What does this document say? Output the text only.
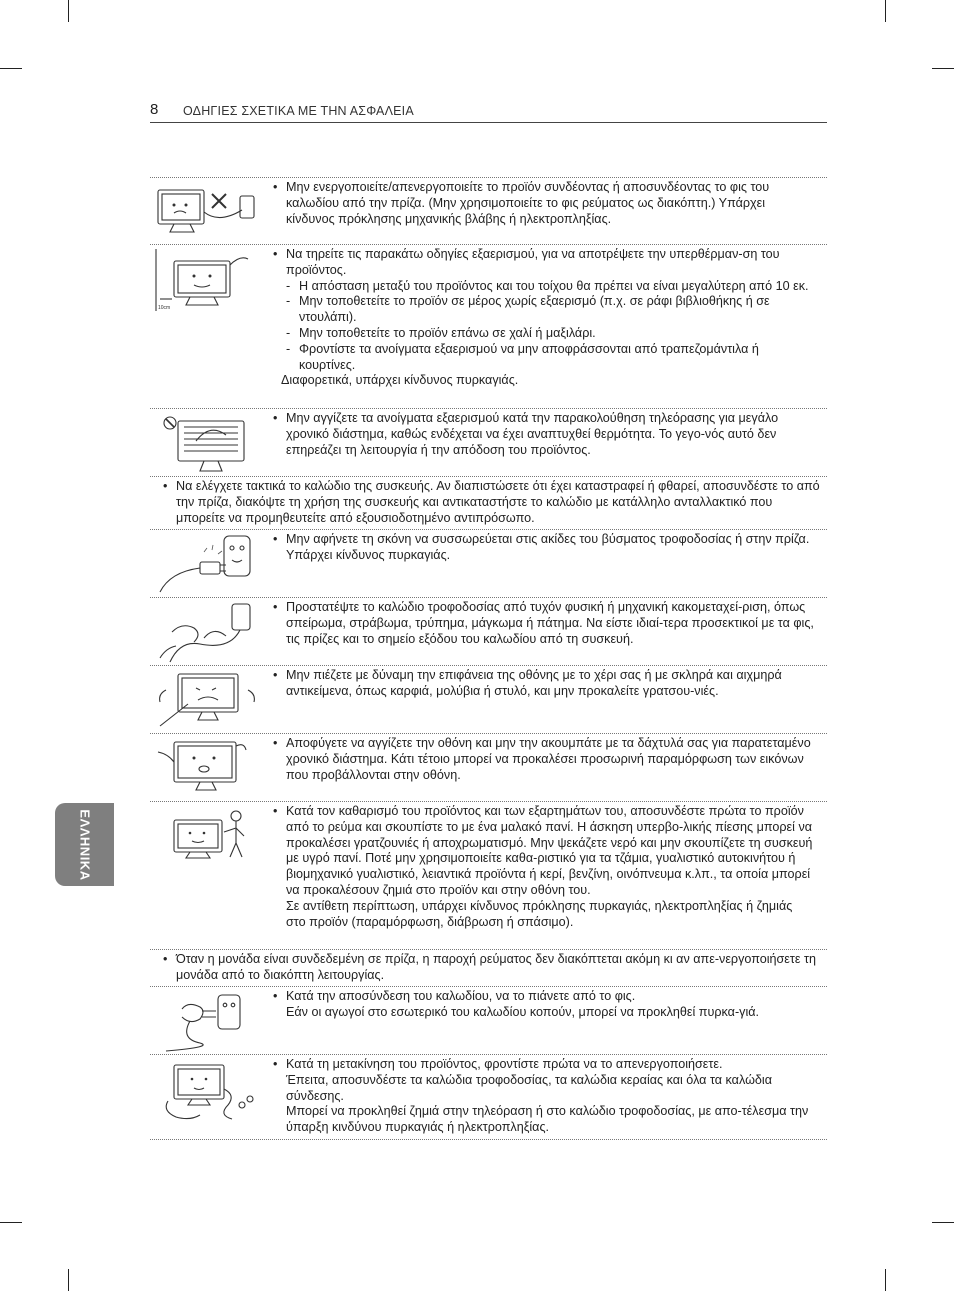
8 ΟΔΗΓΙΕΣ ΣΧΕΤΙΚΑ ΜΕ ΤΗΝ ΑΣΦΑΛΕΙΑ
ΕΛΛΗΝΙΚΑ

• Μην ενεργοποιείτε/απενεργοποιείτε το προϊόν συνδέοντας ή αποσυνδέοντας το φις του καλωδίου από την πρίζα. (Μην χρησιμοποιείτε το φις ρεύματος ως διακόπτη.) Υπάρχει κίνδυνος πρόκλησης μηχανικής βλάβης ή ηλεκτροπληξίας.

10cm

• Να τηρείτε τις παρακάτω οδηγίες εξαερισμού, για να αποτρέψετε την υπερθέρμαν-ση του προϊόντος.

- Η απόσταση μεταξύ του προϊόντος και του τοίχου θα πρέπει να είναι μεγαλύτερη από 10 εκ.

- Μην τοποθετείτε το προϊόν σε μέρος χωρίς εξαερισμό (π.χ. σε ράφι βιβλιοθήκης ή σε ντουλάπι).

- Μην τοποθετείτε το προϊόν επάνω σε χαλί ή μαξιλάρι.

- Φροντίστε τα ανοίγματα εξαερισμού να μην αποφράσσονται από τραπεζομάντιλα ή κουρτίνες.

Διαφορετικά, υπάρχει κίνδυνος πυρκαγιάς.

• Μην αγγίζετε τα ανοίγματα εξαερισμού κατά την παρακολούθηση τηλεόρασης για μεγάλο χρονικό διάστημα, καθώς ενδέχεται να έχει αναπτυχθεί θερμότητα. Το γεγο-νός αυτό δεν επηρεάζει τη λειτουργία ή την απόδοση του προϊόντος.

• Να ελέγχετε τακτικά το καλώδιο της συσκευής. Αν διαπιστώσετε ότι έχει καταστραφεί ή φθαρεί, αποσυνδέστε το από την πρίζα, διακόψτε τη χρήση της συσκευής και αντικαταστήστε το καλώδιο με κατάλληλο ανταλλακτικό που μπορείτε να προμηθευτείτε από εξουσιοδοτημένο αντιπρόσωπο.

• Μην αφήνετε τη σκόνη να συσσωρεύεται στις ακίδες του βύσματος τροφοδοσίας ή στην πρίζα.

Υπάρχει κίνδυνος πυρκαγιάς.

• Προστατέψτε το καλώδιο τροφοδοσίας από τυχόν φυσική ή μηχανική κακομεταχεί-ριση, όπως σπείρωμα, στράβωμα, τρύπημα, μάγκωμα ή πάτημα. Να είστε ιδιαί-τερα προσεκτικοί με τα φις, τις πρίζες και το σημείο εξόδου του καλωδίου από τη συσκευή.

• Μην πιέζετε με δύναμη την επιφάνεια της οθόνης με το χέρι σας ή με σκληρά και αιχμηρά αντικείμενα, όπως καρφιά, μολύβια ή στυλό, και μην προκαλείτε γρατσου-νιές.

• Αποφύγετε να αγγίζετε την οθόνη και μην την ακουμπάτε με τα δάχτυλά σας για παρατεταμένο χρονικό διάστημα. Κάτι τέτοιο μπορεί να προκαλέσει προσωρινή παραμόρφωση των εικόνων που προβάλλονται στην οθόνη.

• Κατά τον καθαρισμό του προϊόντος και των εξαρτημάτων του, αποσυνδέστε πρώτα το προϊόν από το ρεύμα και σκουπίστε το με ένα μαλακό πανί. Η άσκηση υπερβο-λικής πίεσης μπορεί να προκαλέσει γρατζουνιές ή αποχρωματισμό. Μην ψεκάζετε νερό και μην σκουπίζετε τη συσκευή με υγρό πανί. Ποτέ μην χρησιμοποιείτε καθα-ριστικό για τα τζάμια, γυαλιστικό αυτοκινήτου ή βιομηχανικό γυαλιστικό, λειαντικά προϊόντα ή κερί, βενζίνη, οινόπνευμα κ.λπ., τα οποία μπορεί να προκαλέσουν ζημιά στο προϊόν και στην οθόνη του.

Σε αντίθετη περίπτωση, υπάρχει κίνδυνος πρόκλησης πυρκαγιάς, ηλεκτροπληξίας ή ζημιάς στο προϊόν (παραμόρφωση, διάβρωση ή σπάσιμο).

• Όταν η μονάδα είναι συνδεδεμένη σε πρίζα, η παροχή ρεύματος δεν διακόπτεται ακόμη κι αν απε-νεργοποιήσετε τη μονάδα από το διακόπτη λειτουργίας.

• Κατά την αποσύνδεση του καλωδίου, να το πιάνετε από το φις.

Εάν οι αγωγοί στο εσωτερικό του καλωδίου κοπούν, μπορεί να προκληθεί πυρκα-γιά.

• Κατά τη μετακίνηση του προϊόντος, φροντίστε πρώτα να το απενεργοποιήσετε.

Έπειτα, αποσυνδέστε τα καλώδια τροφοδοσίας, τα καλώδια κεραίας και όλα τα καλώδια σύνδεσης.

Μπορεί να προκληθεί ζημιά στην τηλεόραση ή στο καλώδιο τροφοδοσίας, με απο-τέλεσμα την ύπαρξη κινδύνου πυρκαγιάς ή ηλεκτροπληξίας.
